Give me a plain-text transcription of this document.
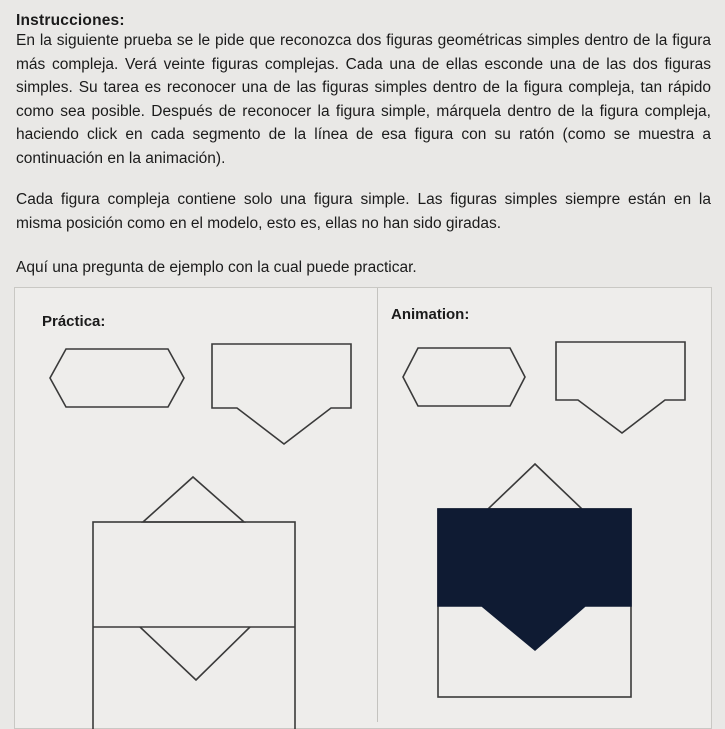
Instrucciones:

En la siguiente prueba se le pide que reconozca dos figuras geométricas simples dentro de la figura más compleja. Verá veinte figuras complejas. Cada una de ellas esconde una de las dos figuras simples. Su tarea es reconocer una de las figuras simples dentro de la figura compleja, tan rápido como sea posible. Después de reconocer la figura simple, márquela dentro de la figura compleja, haciendo click en cada segmento de la línea de esa figura con su ratón (como se muestra a continuación en la animación).

Cada figura compleja contiene solo una figura simple. Las figuras simples siempre están en la misma posición como en el modelo, esto es, ellas no han sido giradas.

Aquí una pregunta de ejemplo con la cual puede practicar.

Práctica:	Animation:
